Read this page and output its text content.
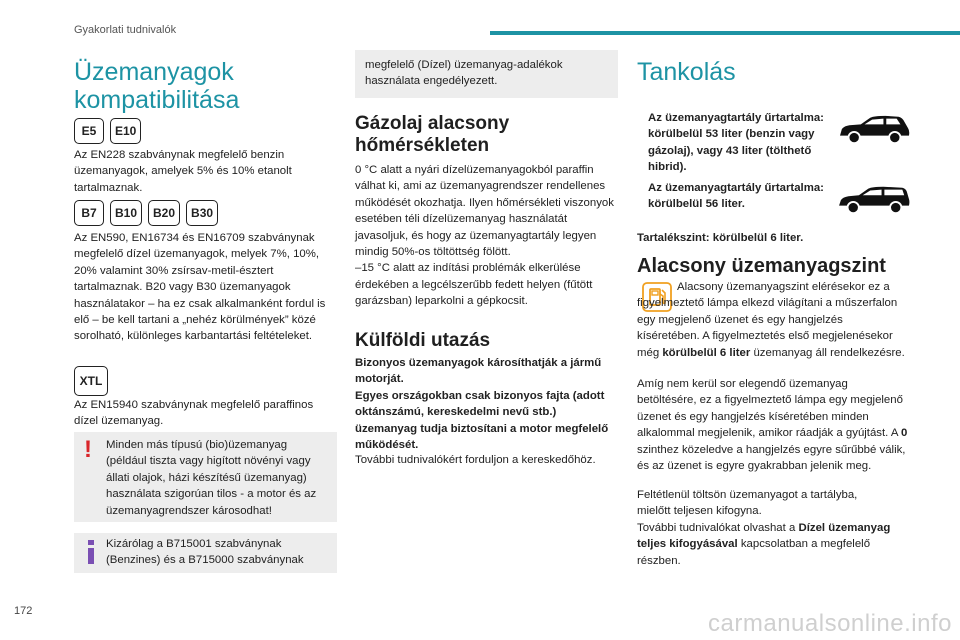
Gyakorlati tudnivalók
Üzemanyagok kompatibilitása
E5	E10

Az EN228 szabványnak megfelelő benzin üzemanyagok, amelyek 5% és 10% etanolt tartalmaznak.

B7	B10	B20	B30

Az EN590, EN16734 és EN16709 szabványnak megfelelő dízel üzemanyagok, melyek 7%, 10%, 20% valamint 30% zsírsav-metil-észtert tartalmaznak. B20 vagy B30 üzemanyagok használatakor – ha ez csak alkalmanként fordul is elő – be kell tartani a „nehéz körülmények” közé sorolható, különleges karbantartási feltételeket.

XTL

Az EN15940 szabványnak megfelelő paraffinos dízel üzemanyag.

!	Minden más típusú (bio)üzemanyag (például tiszta vagy higított növényi vagy állati olajok, házi készítésű üzemanyag) használata szigorúan tilos - a motor és az üzemanyagrendszer károsodhat!

Kizárólag a B715001 szabványnak (Benzines) és a B715000 szabványnak

megfelelő (Dízel) üzemanyag-adalékok használata engedélyezett.

Gázolaj alacsony hőmérsékleten

0 °C alatt a nyári dízelüzemanyagokból paraffin válhat ki, ami az üzemanyagrendszer rendellenes működését okozhatja. Ilyen hőmérsékleti viszonyok esetében téli dízelüzemanyag használatát javasoljuk, és hogy az üzemanyagtartály legyen mindig 50%-os töltöttség fölött.
–15 °C alatt az indítási problémák elkerülése érdekében a legcélszerűbb fedett helyen (fűtött garázsban) leparkolni a gépkocsit.

Külföldi utazás

Bizonyos üzemanyagok károsíthatják a jármű motorját.
Egyes országokban csak bizonyos fajta (adott oktánszámú, kereskedelmi nevű stb.) üzemanyag tudja biztosítani a motor megfelelő működését.

További tudnivalókért forduljon a kereskedőhöz.

Tankolás

Az üzemanyagtartály űrtartalma: körülbelül 53 liter (benzin vagy gázolaj), vagy 43 liter (tölthető hibrid).

Az üzemanyagtartály űrtartalma: körülbelül 56 liter.

Tartalékszint: körülbelül 6 liter.

Alacsony üzemanyagszint

Alacsony üzemanyagszint elérésekor ez a figyelmeztető lámpa elkezd világítani a műszerfalon egy megjelenő üzenet és egy hangjelzés kíséretében. A figyelmeztetés első megjelenésekor még körülbelül 6 liter üzemanyag áll rendelkezésre.

Amíg nem kerül sor elegendő üzemanyag betöltésére, ez a figyelmeztető lámpa egy megjelenő üzenet és egy hangjelzés kíséretében minden alkalommal megjelenik, amikor ráadják a gyújtást. A 0 szinthez közeledve a hangjelzés egyre sűrűbbé válik, és az üzenet is egyre gyakrabban jelenik meg.

Feltétlenül töltsön üzemanyagot a tartályba, mielőtt teljesen kifogyna.

További tudnivalókat olvashat a Dízel üzemanyag teljes kifogyásával kapcsolatban a megfelelő részben.

172	carmanualsonline.info
